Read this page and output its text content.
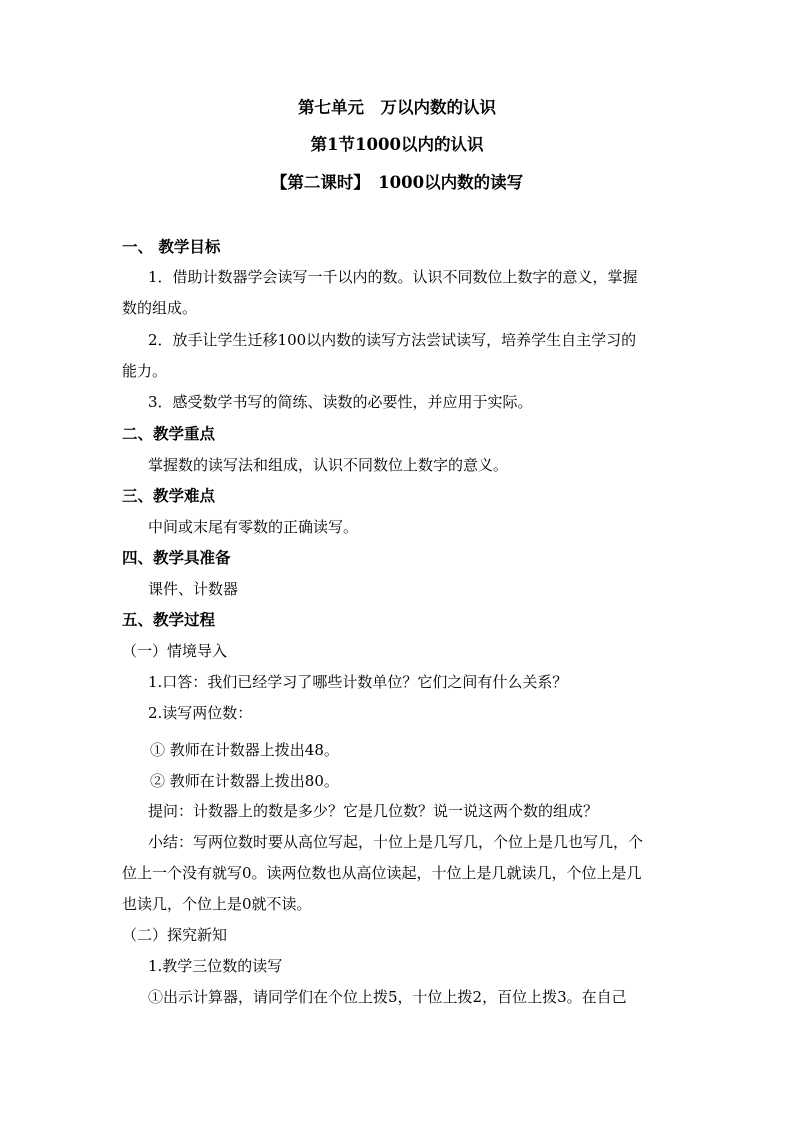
第七单元　万以内数的认识
第1节1000以内的认识
【第二课时】　1000以内数的读写
一、 教学目标
1．借助计数器学会读写一千以内的数。认识不同数位上数字的意义，掌握
数的组成。
2．放手让学生迁移100以内数的读写方法尝试读写，培养学生自主学习的
能力。
3．感受数学书写的简练、读数的必要性，并应用于实际。
二、教学重点
掌握数的读写法和组成，认识不同数位上数字的意义。
三、教学难点
中间或末尾有零数的正确读写。
四、教学具准备
课件、计数器
五、教学过程
（一）情境导入
1.口答：我们已经学习了哪些计数单位？它们之间有什么关系？
2.读写两位数：
① 教师在计数器上拨出48。
② 教师在计数器上拨出80。
提问：计数器上的数是多少？它是几位数？说一说这两个数的组成？
小结：写两位数时要从高位写起，十位上是几写几，个位上是几也写几，个
位上一个没有就写0。读两位数也从高位读起，十位上是几就读几，个位上是几
也读几，个位上是0就不读。
（二）探究新知
1.教学三位数的读写
①出示计算器，请同学们在个位上拨5，十位上拨2，百位上拨3。在自己
